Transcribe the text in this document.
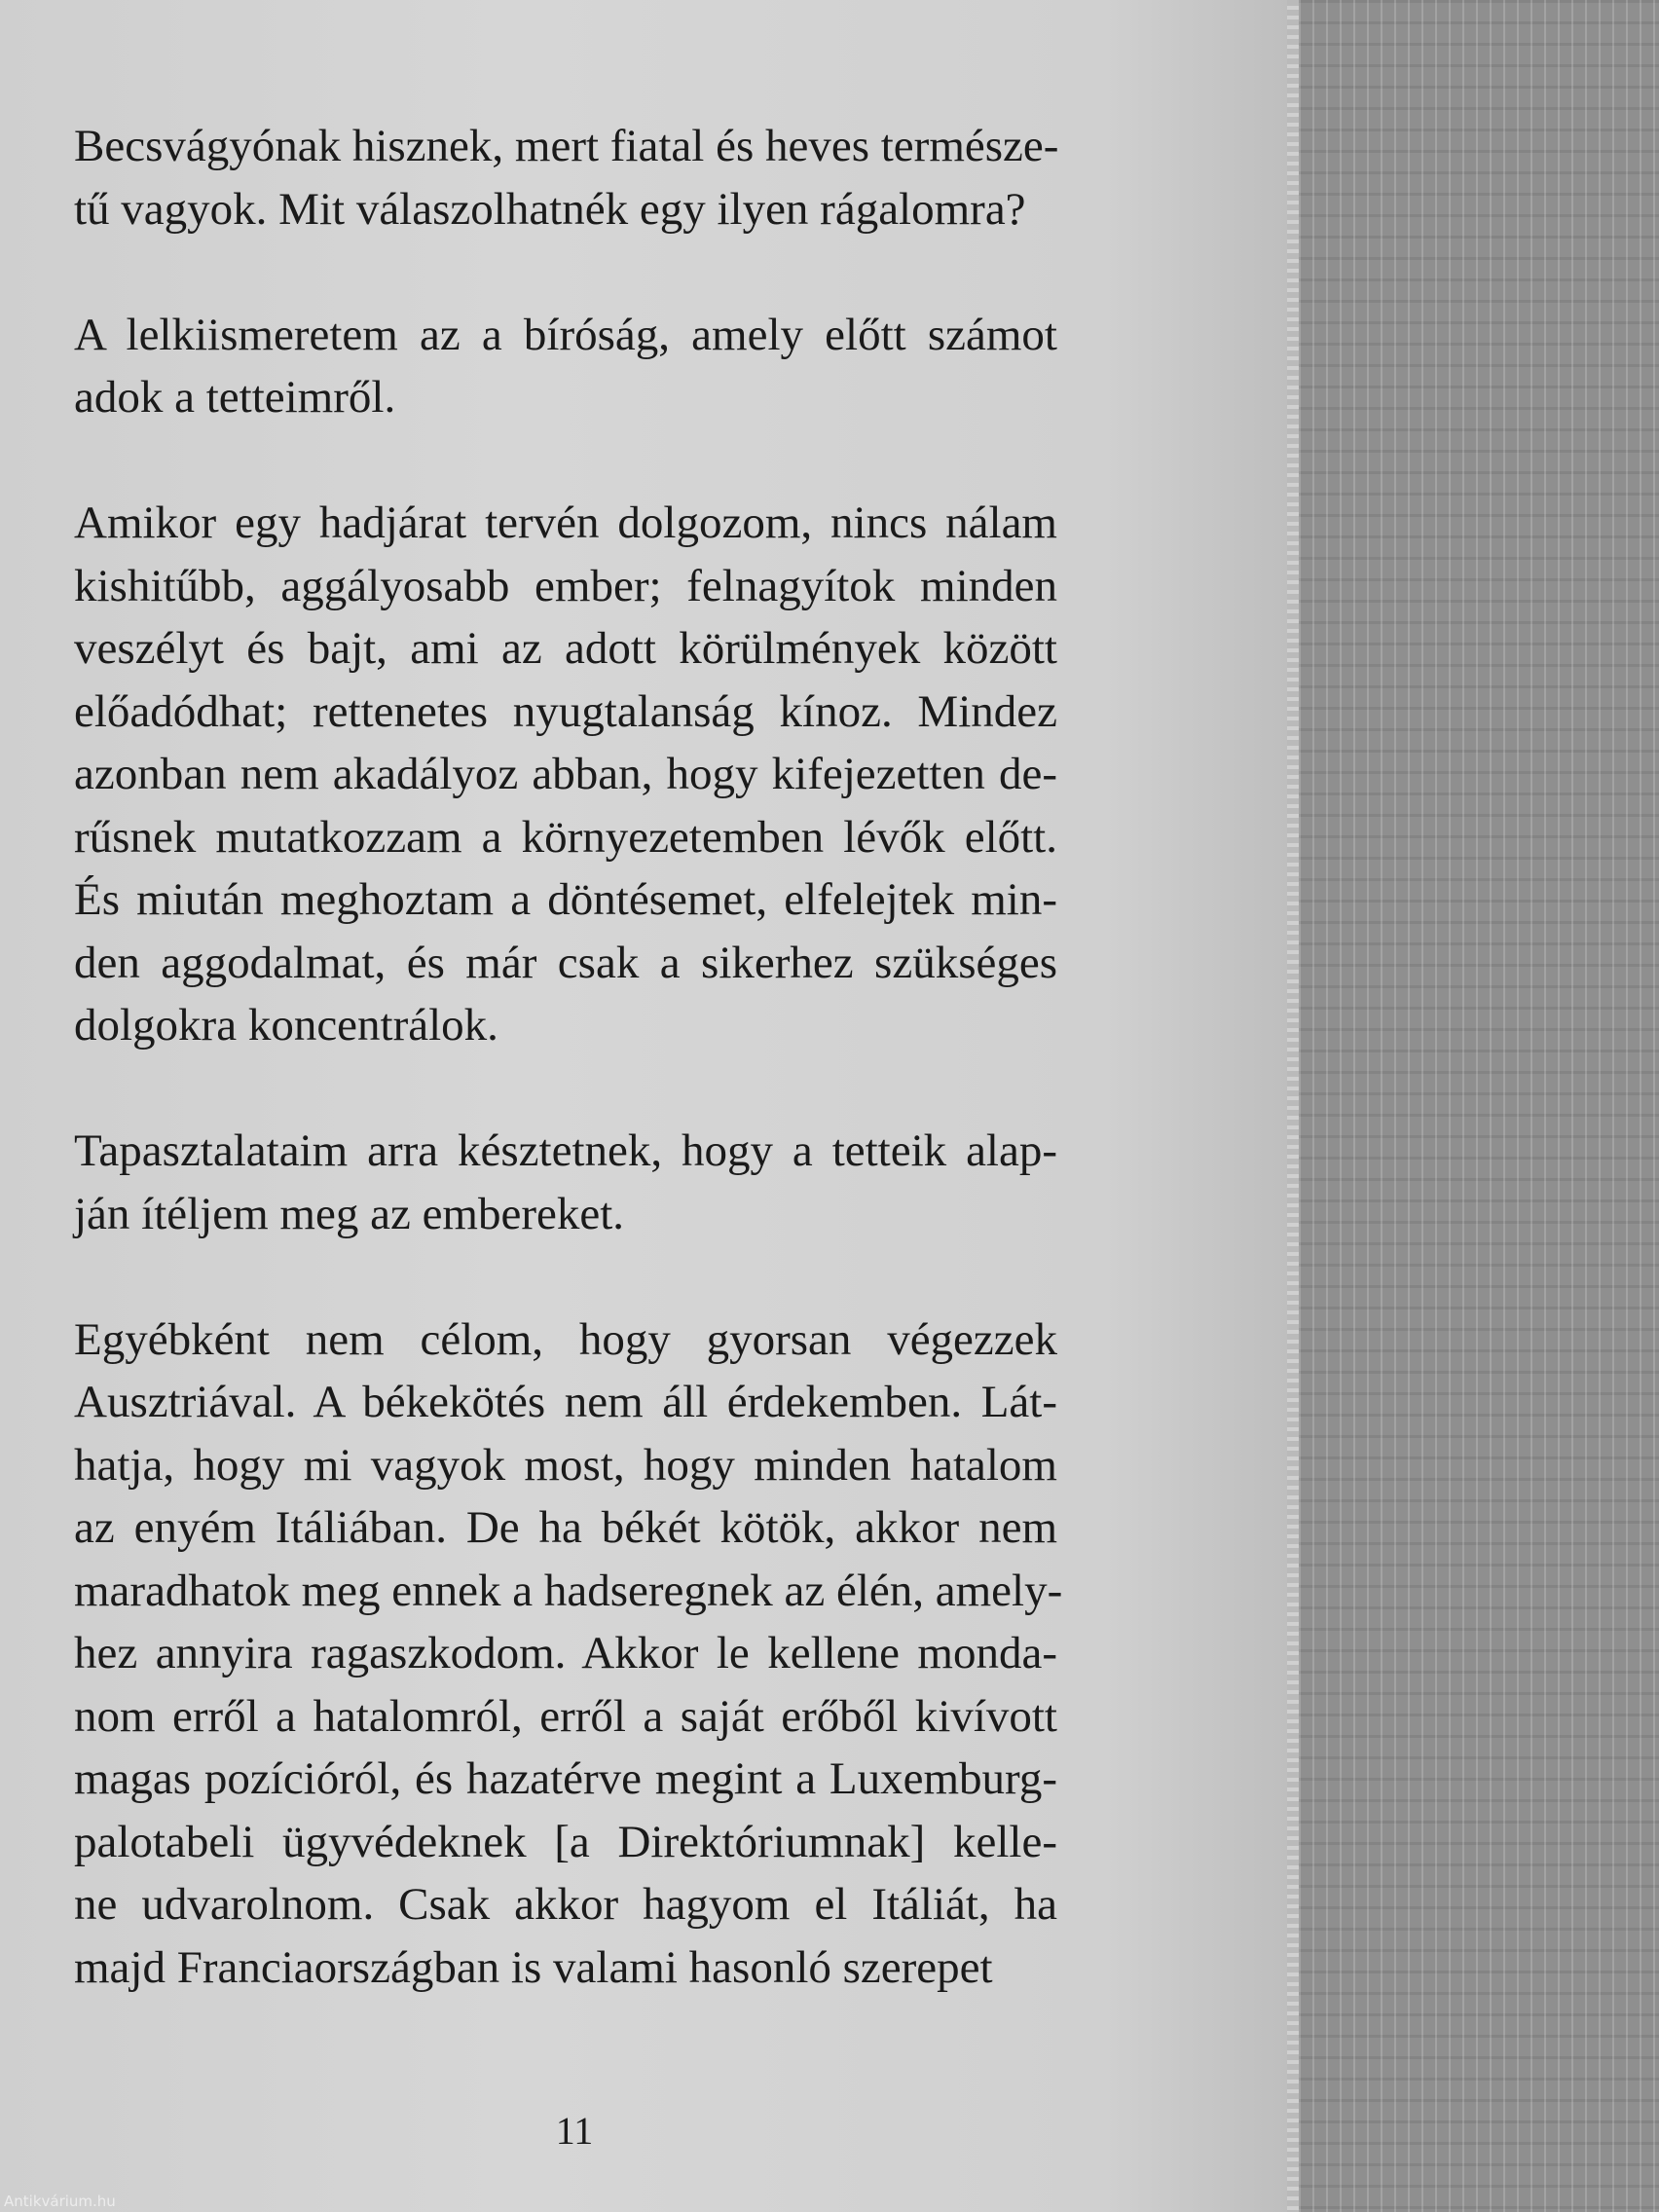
Becsvágyónak hisznek, mert fiatal és heves természe-
tű vagyok. Mit válaszolhatnék egy ilyen rágalomra?

A lelkiismeretem az a bíróság, amely előtt számot
adok a tetteimről.

Amikor egy hadjárat tervén dolgozom, nincs nálam
kishitűbb, aggályosabb ember; felnagyítok minden
veszélyt és bajt, ami az adott körülmények között
előadódhat; rettenetes nyugtalanság kínoz. Mindez
azonban nem akadályoz abban, hogy kifejezetten de-
rűsnek mutatkozzam a környezetemben lévők előtt.
És miután meghoztam a döntésemet, elfelejtek min-
den aggodalmat, és már csak a sikerhez szükséges
dolgokra koncentrálok.

Tapasztalataim arra késztetnek, hogy a tetteik alap-
ján ítéljem meg az embereket.

Egyébként nem célom, hogy gyorsan végezzek
Ausztriával. A békekötés nem áll érdekemben. Lát-
hatja, hogy mi vagyok most, hogy minden hatalom
az enyém Itáliában. De ha békét kötök, akkor nem
maradhatok meg ennek a hadseregnek az élén, amely-
hez annyira ragaszkodom. Akkor le kellene monda-
nom erről a hatalomról, erről a saját erőből kivívott
magas pozícióról, és hazatérve megint a Luxemburg-
palotabeli ügyvédeknek [a Direktóriumnak] kelle-
ne udvarolnom. Csak akkor hagyom el Itáliát, ha
majd Franciaországban is valami hasonló szerepet

11
Antikvárium.hu
